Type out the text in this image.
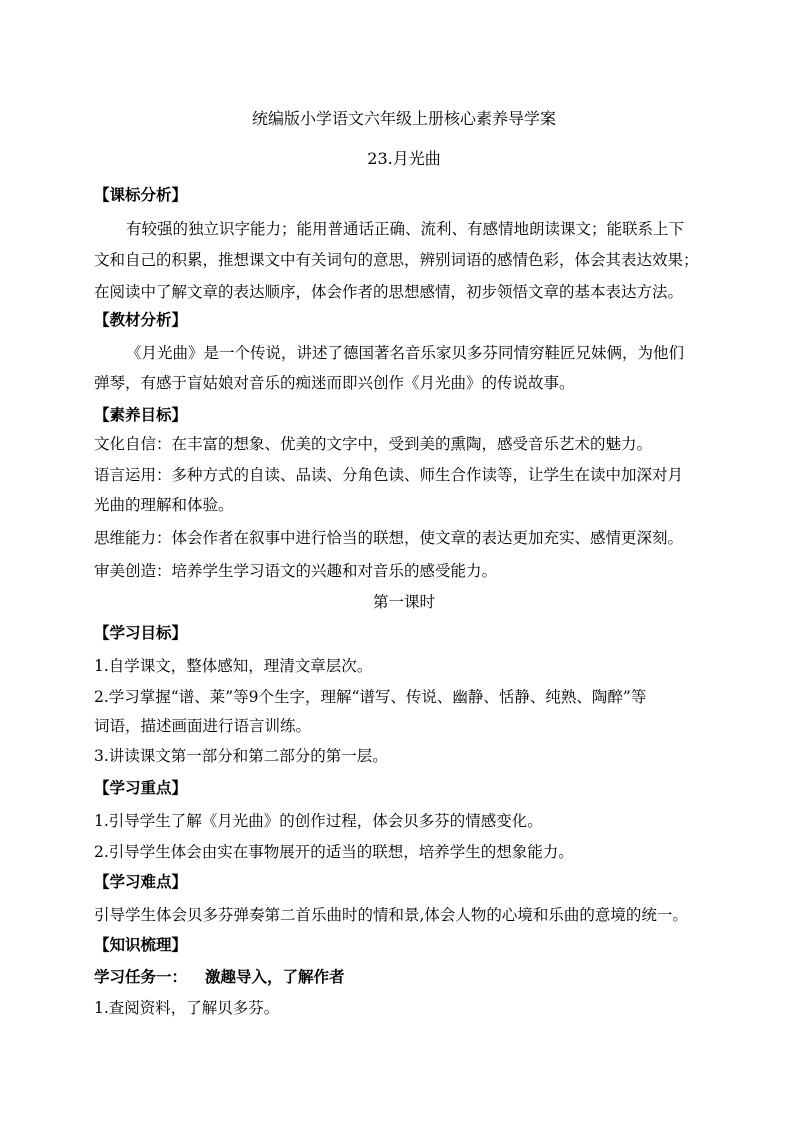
统编版小学语文六年级上册核心素养导学案
23.月光曲
【课标分析】
有较强的独立识字能力；能用普通话正确、流利、有感情地朗读课文；能联系上下
文和自己的积累，推想课文中有关词句的意思，辨别词语的感情色彩，体会其表达效果；
在阅读中了解文章的表达顺序，体会作者的思想感情，初步领悟文章的基本表达方法。
【教材分析】
《月光曲》是一个传说，讲述了德国著名音乐家贝多芬同情穷鞋匠兄妹俩，为他们
弹琴，有感于盲姑娘对音乐的痴迷而即兴创作《月光曲》的传说故事。
【素养目标】
文化自信：在丰富的想象、优美的文字中，受到美的熏陶，感受音乐艺术的魅力。
语言运用：多种方式的自读、品读、分角色读、师生合作读等，让学生在读中加深对月
光曲的理解和体验。
思维能力：体会作者在叙事中进行恰当的联想，使文章的表达更加充实、感情更深刻。
审美创造：培养学生学习语文的兴趣和对音乐的感受能力。
第一课时
【学习目标】
1.自学课文，整体感知，理清文章层次。
2.学习掌握“谱、莱”等9个生字，理解“谱写、传说、幽静、恬静、纯熟、陶醉”等
词语，描述画面进行语言训练。
3.讲读课文第一部分和第二部分的第一层。
【学习重点】
1.引导学生了解《月光曲》的创作过程，体会贝多芬的情感变化。
2.引导学生体会由实在事物展开的适当的联想，培养学生的想象能力。
【学习难点】
引导学生体会贝多芬弹奏第二首乐曲时的情和景,体会人物的心境和乐曲的意境的统一。
【知识梳理】
学习任务一： 激趣导入，了解作者
1.查阅资料，了解贝多芬。
